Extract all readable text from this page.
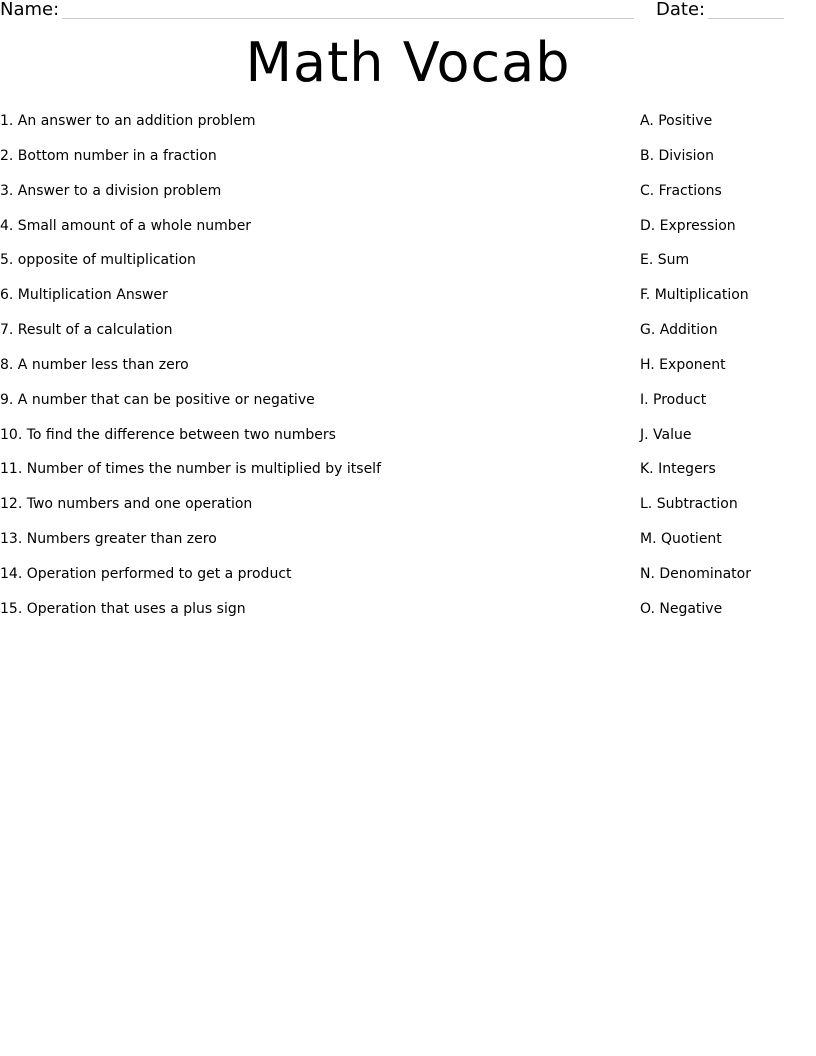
Name:	Date:
Math Vocab
1. An answer to an addition problem	A. Positive
2. Bottom number in a fraction	B. Division
3. Answer to a division problem	C. Fractions
4. Small amount of a whole number	D. Expression
5. opposite of multiplication	E. Sum
6. Multiplication Answer	F. Multiplication
7. Result of a calculation	G. Addition
8. A number less than zero	H. Exponent
9. A number that can be positive or negative	I. Product
10. To find the difference between two numbers	J. Value
11. Number of times the number is multiplied by itself	K. Integers
12. Two numbers and one operation	L. Subtraction
13. Numbers greater than zero	M. Quotient
14. Operation performed to get a product	N. Denominator
15. Operation that uses a plus sign	O. Negative
